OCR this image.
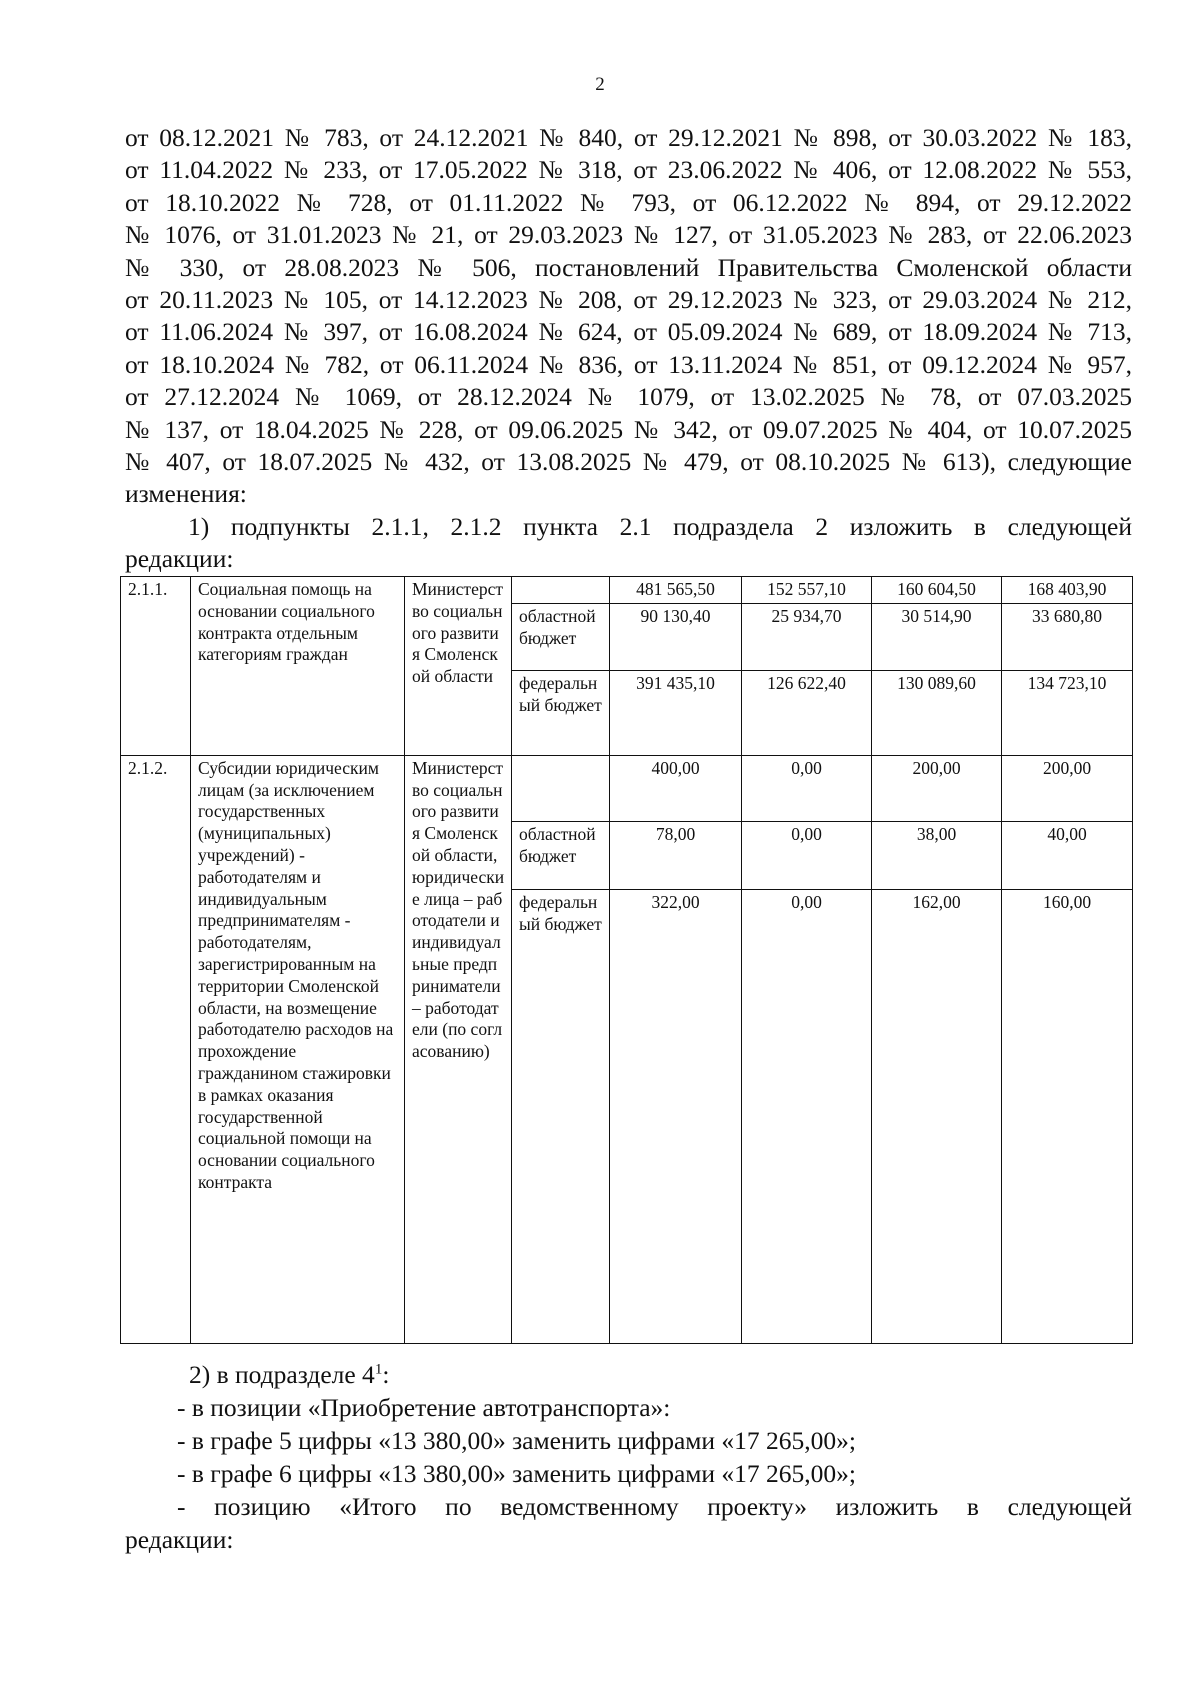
2
от 08.12.2021 № 783, от 24.12.2021 № 840, от 29.12.2021 № 898, от 30.03.2022 № 183,
от 11.04.2022 № 233, от 17.05.2022 № 318, от 23.06.2022 № 406, от 12.08.2022 № 553,
от 18.10.2022 № 728, от 01.11.2022 № 793, от 06.12.2022 № 894, от 29.12.2022
№ 1076, от 31.01.2023 № 21, от 29.03.2023 № 127, от 31.05.2023 № 283, от 22.06.2023
№ 330, от 28.08.2023 № 506, постановлений Правительства Смоленской области
от 20.11.2023 № 105, от 14.12.2023 № 208, от 29.12.2023 № 323, от 29.03.2024 № 212,
от 11.06.2024 № 397, от 16.08.2024 № 624, от 05.09.2024 № 689, от 18.09.2024 № 713,
от 18.10.2024 № 782, от 06.11.2024 № 836, от 13.11.2024 № 851, от 09.12.2024 № 957,
от 27.12.2024 № 1069, от 28.12.2024 № 1079, от 13.02.2025 № 78, от 07.03.2025
№ 137, от 18.04.2025 № 228, от 09.06.2025 № 342, от 09.07.2025 № 404, от 10.07.2025
№ 407, от 18.07.2025 № 432, от 13.08.2025 № 479, от 08.10.2025 № 613), следующие
изменения:
1) подпункты 2.1.1, 2.1.2 пункта 2.1 подраздела 2 изложить в следующей
редакции:
2.1.1.	Социальная помощь на основании социального контракта отдельным категориям граждан	Министерство социального развития Смоленской области		481 565,50	152 557,10	160 604,50	168 403,90
			областной бюджет	90 130,40	25 934,70	30 514,90	33 680,80
			федеральный бюджет	391 435,10	126 622,40	130 089,60	134 723,10
2.1.2.	Субсидии юридическим лицам (за исключением государственных (муниципальных) учреждений) - работодателям и индивидуальным предпринимателям - работодателям, зарегистрированным на территории Смоленской области, на возмещение работодателю расходов на прохождение гражданином стажировки в рамках оказания государственной социальной помощи на основании социального контракта	Министерство социального развития Смоленской области, юридические лица – работодатели и индивидуальные предприниматели – работодатели (по согласованию)		400,00	0,00	200,00	200,00
			областной бюджет	78,00	0,00	38,00	40,00
			федеральный бюджет	322,00	0,00	162,00	160,00
2) в подразделе $4^1$:
- в позиции «Приобретение автотранспорта»:
- в графе 5 цифры «13 380,00» заменить цифрами «17 265,00»;
- в графе 6 цифры «13 380,00» заменить цифрами «17 265,00»;
- позицию «Итого по ведомственному проекту» изложить в следующей
редакции:
